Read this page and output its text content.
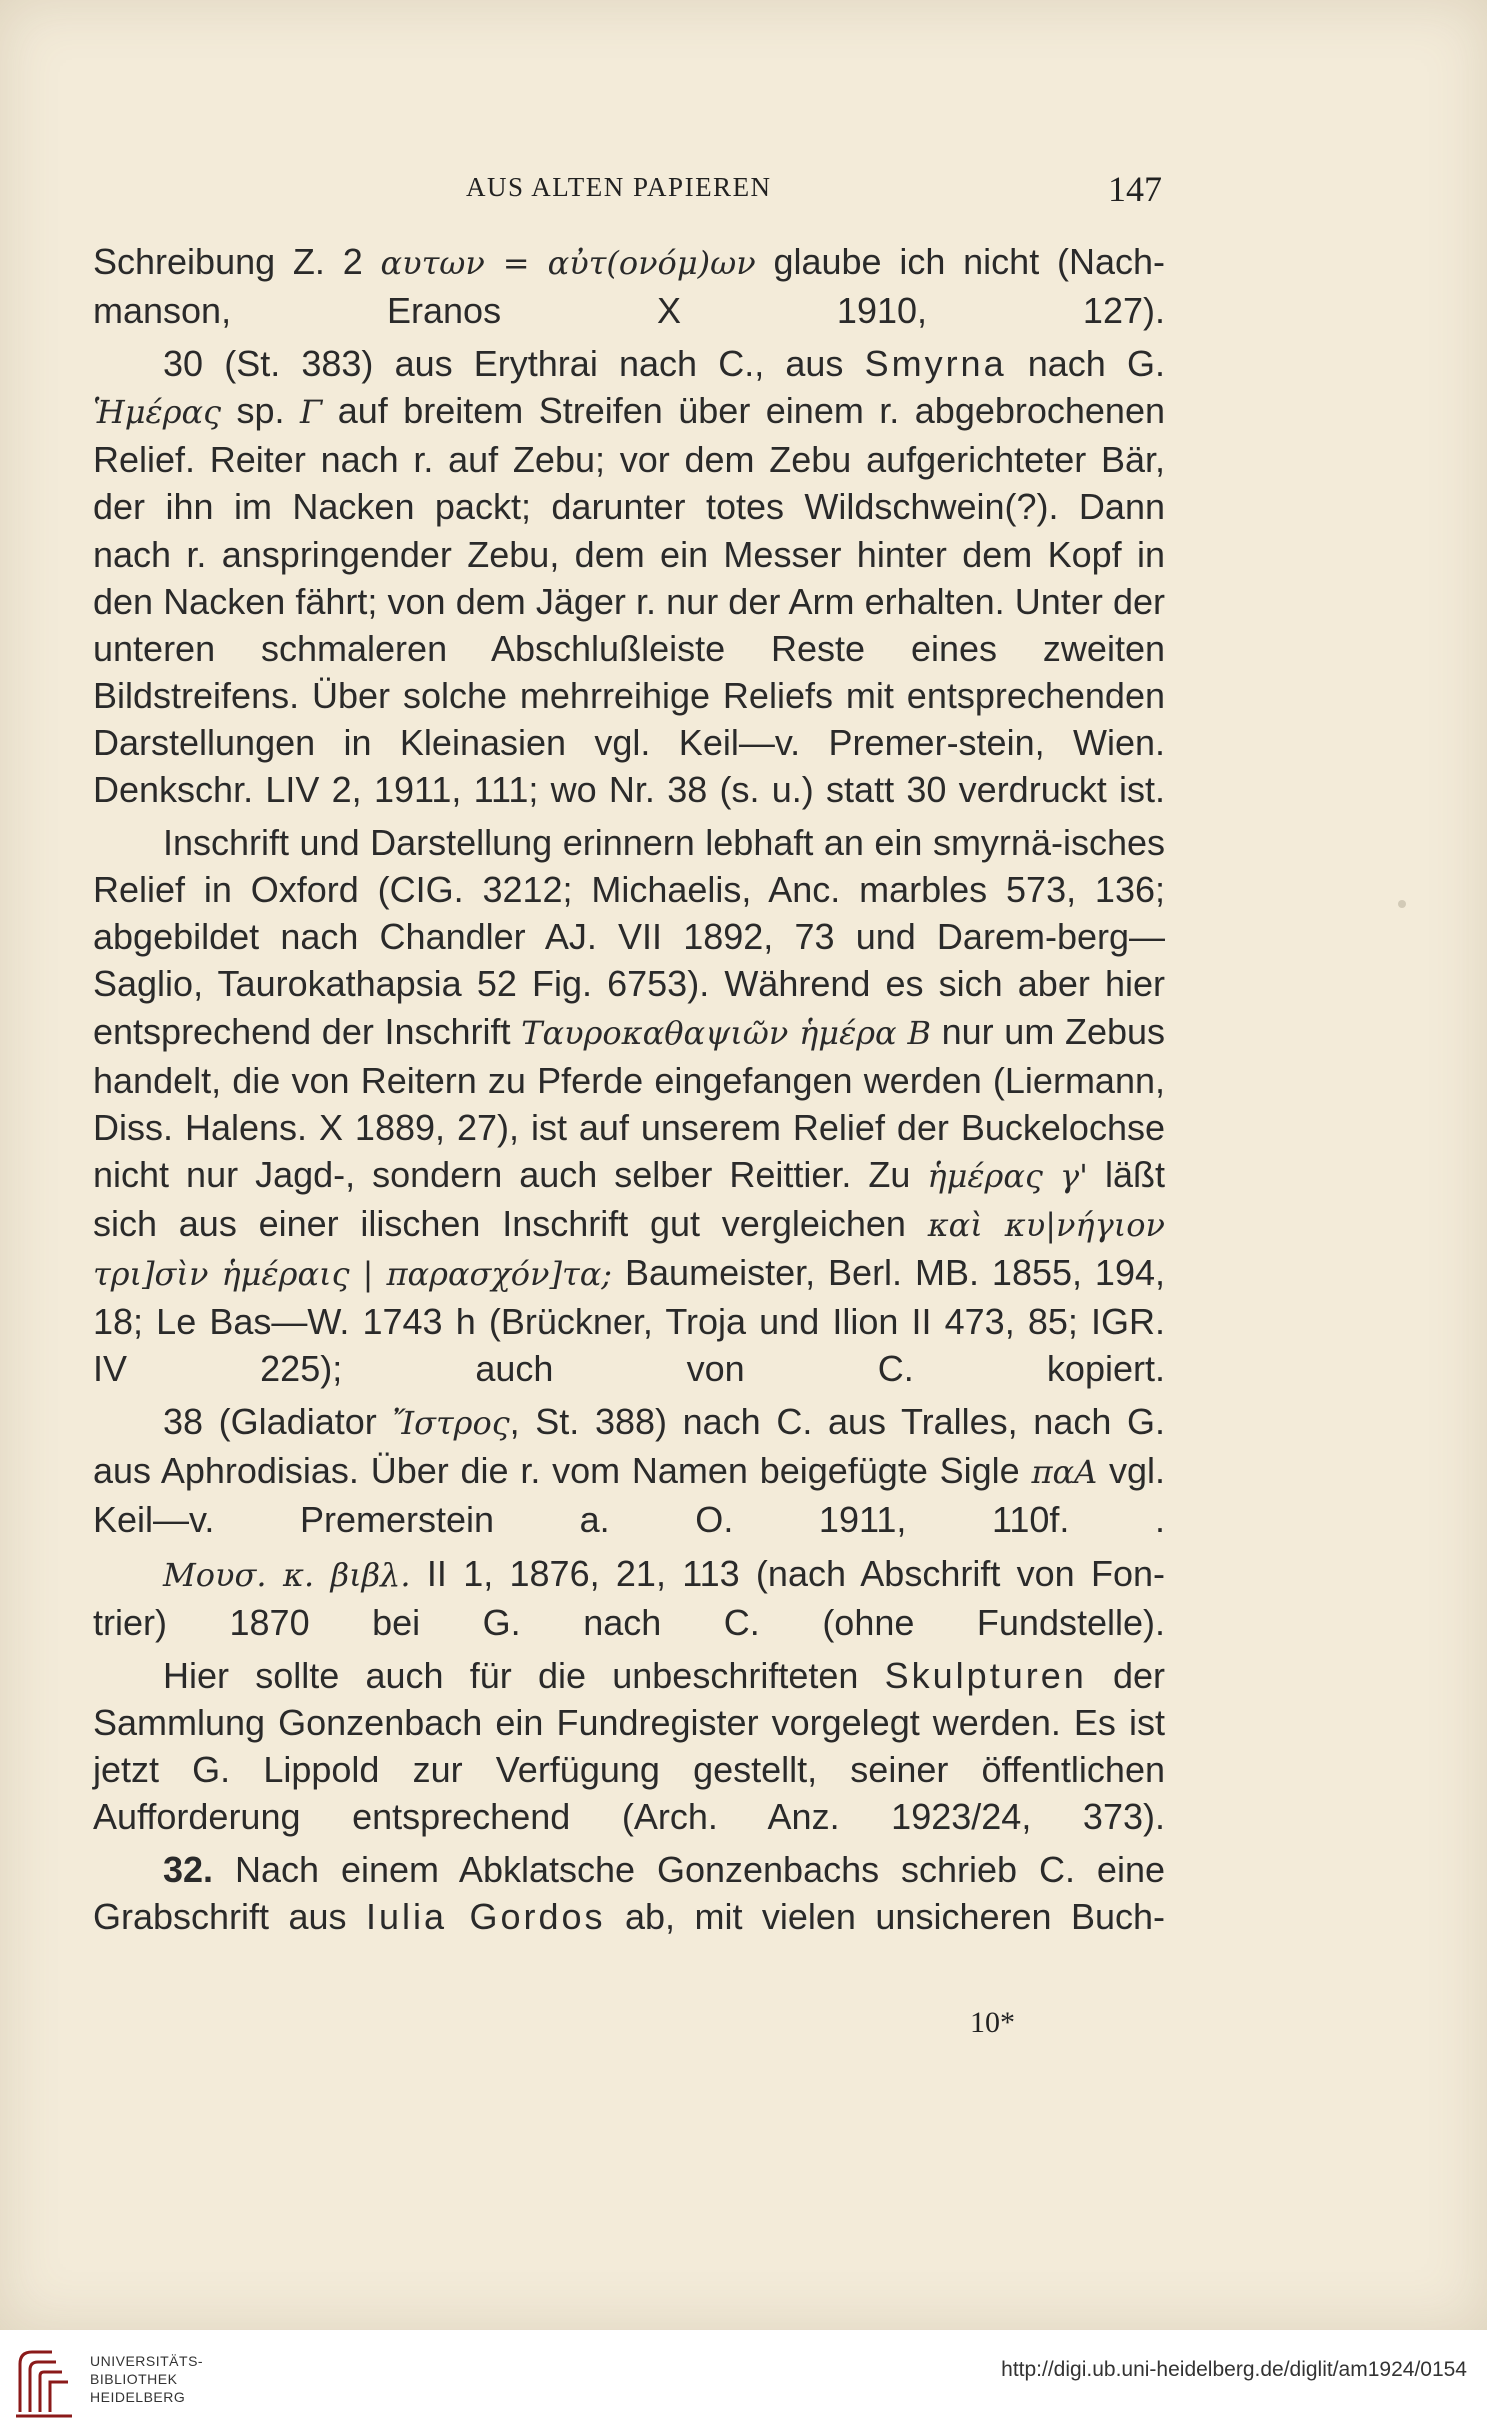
AUS ALTEN PAPIEREN	147

Schreibung Z. 2 αυτων = αὐτ(ονόμ)ων glaube ich nicht (Nach-manson, Eranos X 1910, 127).

30 (St. 383) aus Erythrai nach C., aus Smyrna nach G. Ἡμέρας sp. Γ auf breitem Streifen über einem r. abgebrochenen Relief. Reiter nach r. auf Zebu; vor dem Zebu aufgerichteter Bär, der ihn im Nacken packt; darunter totes Wildschwein(?). Dann nach r. anspringender Zebu, dem ein Messer hinter dem Kopf in den Nacken fährt; von dem Jäger r. nur der Arm erhalten. Unter der unteren schmaleren Abschlußleiste Reste eines zweiten Bildstreifens. Über solche mehrreihige Reliefs mit entsprechenden Darstellungen in Kleinasien vgl. Keil—v. Premer-stein, Wien. Denkschr. LIV 2, 1911, 111; wo Nr. 38 (s. u.) statt 30 verdruckt ist.

Inschrift und Darstellung erinnern lebhaft an ein smyrnä-isches Relief in Oxford (CIG. 3212; Michaelis, Anc. marbles 573, 136; abgebildet nach Chandler AJ. VII 1892, 73 und Darem-berg—Saglio, Taurokathapsia 52 Fig. 6753). Während es sich aber hier entsprechend der Inschrift Ταυροκαθαψιῶν ἡμέρα Β nur um Zebus handelt, die von Reitern zu Pferde eingefangen werden (Liermann, Diss. Halens. X 1889, 27), ist auf unserem Relief der Buckelochse nicht nur Jagd-, sondern auch selber Reittier. Zu ἡμέρας γ' läßt sich aus einer ilischen Inschrift gut vergleichen καὶ κυ|νήγιον τρι]σὶν ἡμέραις | παρασχόν]τα; Baumeister, Berl. MB. 1855, 194, 18; Le Bas—W. 1743 h (Brückner, Troja und Ilion II 473, 85; IGR. IV 225); auch von C. kopiert.

38 (Gladiator Ἴστρος, St. 388) nach C. aus Tralles, nach G. aus Aphrodisias. Über die r. vom Namen beigefügte Sigle παΑ vgl. Keil—v. Premerstein a. O. 1911, 110f. .

Μουσ. κ. βιβλ. II 1, 1876, 21, 113 (nach Abschrift von Fon-trier) 1870 bei G. nach C. (ohne Fundstelle).

Hier sollte auch für die unbeschrifteten Skulpturen der Sammlung Gonzenbach ein Fundregister vorgelegt werden. Es ist jetzt G. Lippold zur Verfügung gestellt, seiner öffentlichen Aufforderung entsprechend (Arch. Anz. 1923/24, 373).

32. Nach einem Abklatsche Gonzenbachs schrieb C. eine Grabschrift aus Iulia Gordos ab, mit vielen unsicheren Buch-

10*
UNIVERSITÄTS-
BIBLIOTHEK
HEIDELBERG
http://digi.ub.uni-heidelberg.de/diglit/am1924/0154
